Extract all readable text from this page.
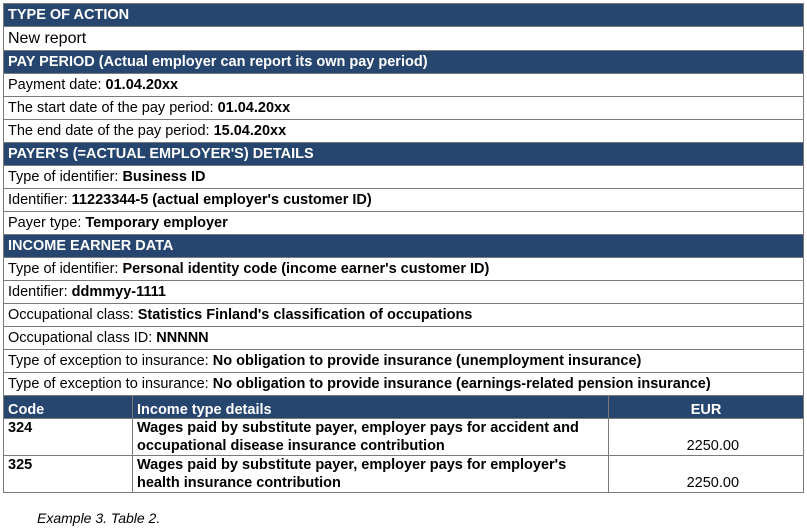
TYPE OF ACTION		
New report		
PAY PERIOD (Actual employer can report its own pay period)		
Payment date: 01.04.20xx		
The start date of the pay period: 01.04.20xx		
The end date of the pay period: 15.04.20xx		
PAYER'S (=ACTUAL EMPLOYER'S) DETAILS		
Type of identifier: Business ID		
Identifier: 11223344-5 (actual employer's customer ID)		
Payer type: Temporary employer		
INCOME EARNER DATA		
Type of identifier: Personal identity code (income earner's customer ID)		
Identifier: ddmmyy-1111		
Occupational class: Statistics Finland's classification of occupations		
Occupational class ID: NNNNN		
Type of exception to insurance: No obligation to provide insurance (unemployment insurance)		
Type of exception to insurance: No obligation to provide insurance (earnings-related pension insurance)		
Code	Income type details	EUR
324	Wages paid by substitute payer, employer pays for accident and occupational disease insurance contribution	2250.00
325	Wages paid by substitute payer, employer pays for employer's health insurance contribution	2250.00
Example 3. Table 2.
